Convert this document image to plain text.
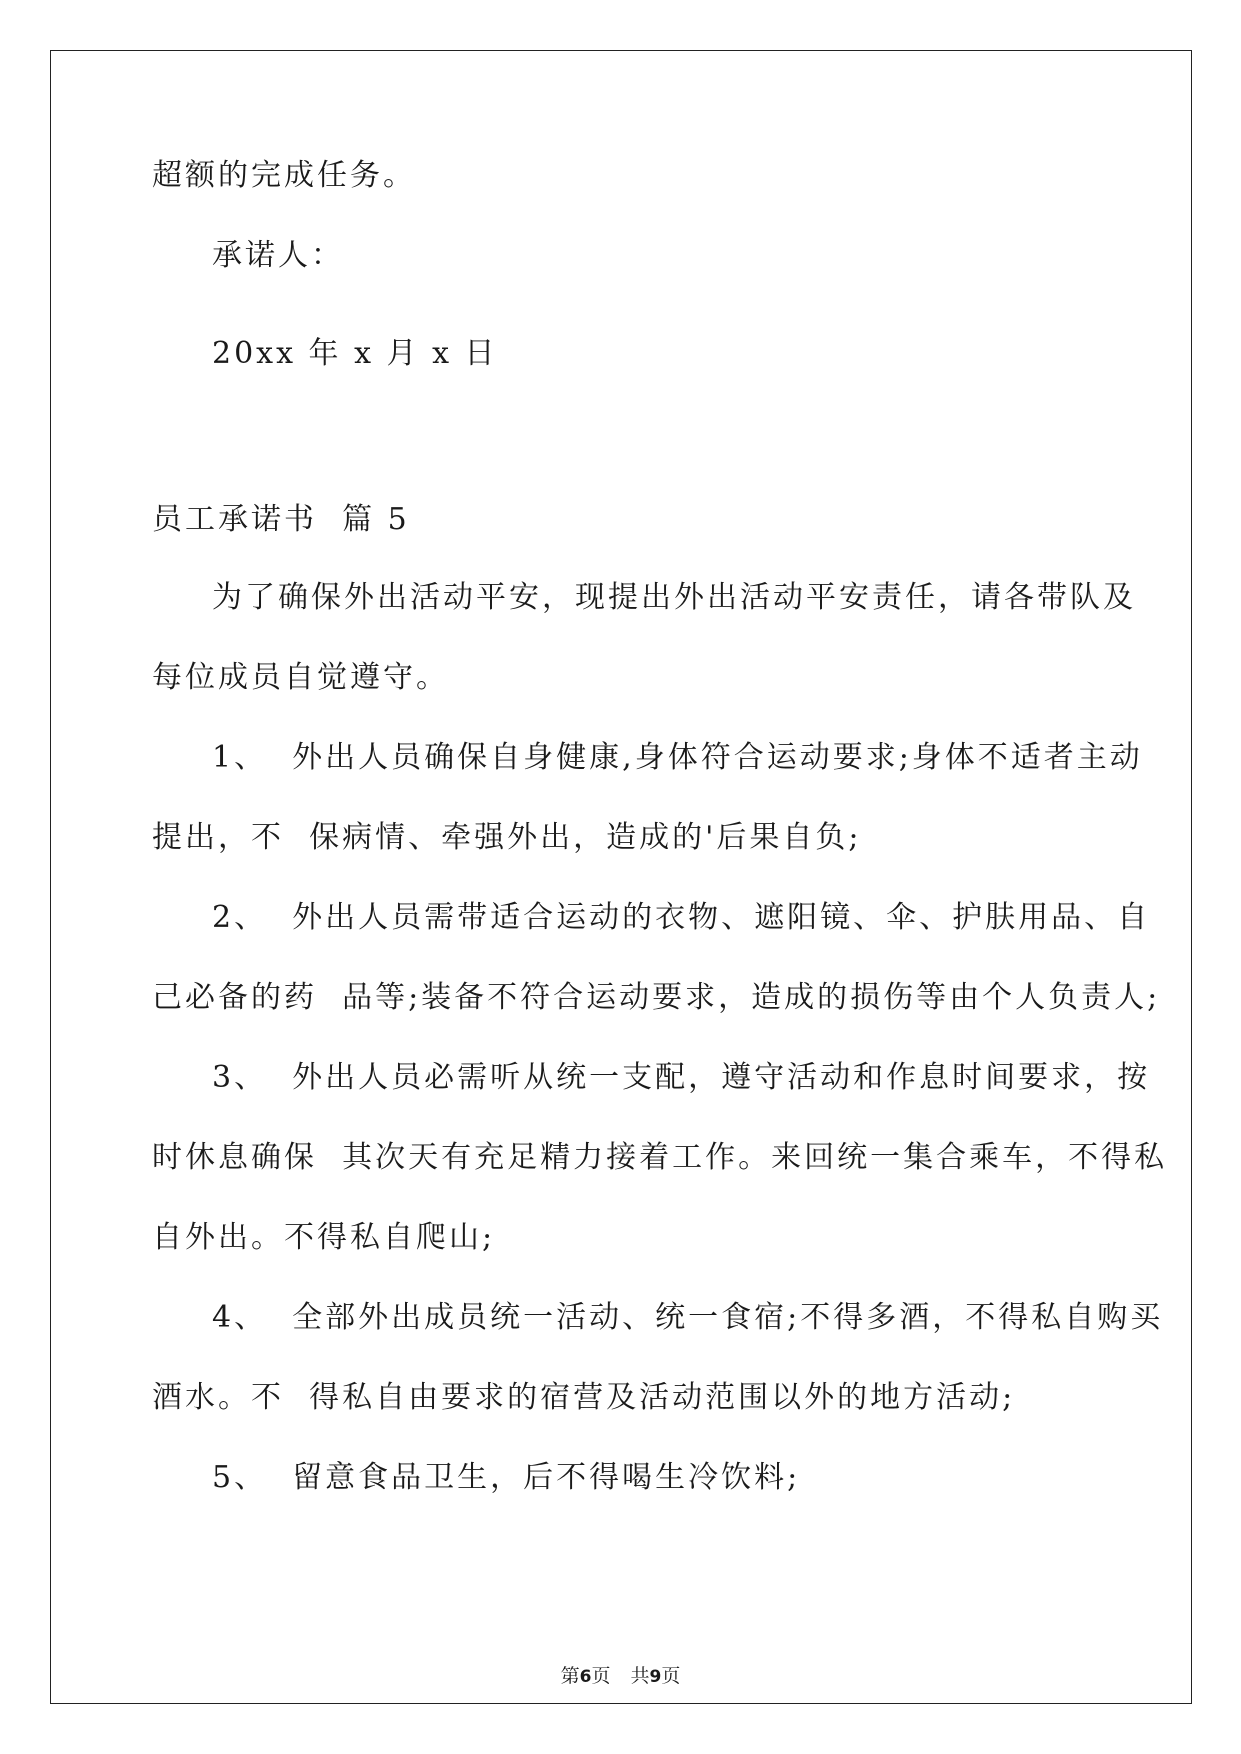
超额的完成任务。
承诺人：
20xx 年 x 月 x 日
员工承诺书  篇 5
为了确保外出活动平安，现提出外出活动平安责任，请各带队及
每位成员自觉遵守。
1、  外出人员确保自身健康,身体符合运动要求;身体不适者主动
提出，不  保病情、牵强外出，造成的'后果自负;
2、  外出人员需带适合运动的衣物、遮阳镜、伞、护肤用品、自
己必备的药  品等;装备不符合运动要求，造成的损伤等由个人负责人;
3、  外出人员必需听从统一支配，遵守活动和作息时间要求，按
时休息确保  其次天有充足精力接着工作。来回统一集合乘车，不得私
自外出。不得私自爬山;
4、  全部外出成员统一活动、统一食宿;不得多酒，不得私自购买
酒水。不  得私自由要求的宿营及活动范围以外的地方活动;
5、  留意食品卫生，后不得喝生冷饮料;
第6页 共9页
